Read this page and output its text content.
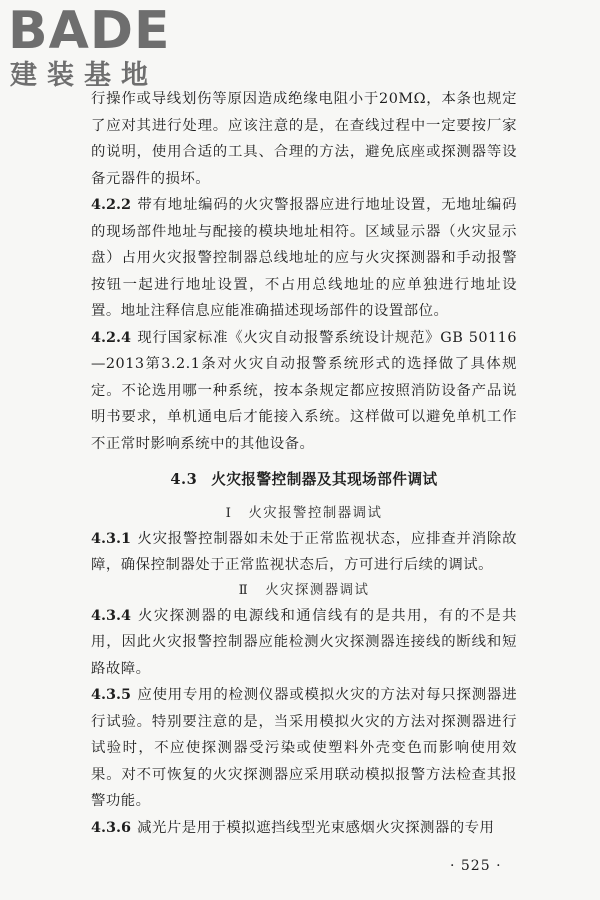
BADE
建装基地

行操作或导线划伤等原因造成绝缘电阻小于20MΩ，本条也规定了应对其进行处理。应该注意的是，在查线过程中一定要按厂家的说明，使用合适的工具、合理的方法，避免底座或探测器等设备元器件的损坏。

4.2.2 带有地址编码的火灾警报器应进行地址设置，无地址编码的现场部件地址与配接的模块地址相符。区域显示器（火灾显示盘）占用火灾报警控制器总线地址的应与火灾探测器和手动报警按钮一起进行地址设置，不占用总线地址的应单独进行地址设置。地址注释信息应能准确描述现场部件的设置部位。

4.2.4 现行国家标准《火灾自动报警系统设计规范》GB 50116—2013第3.2.1条对火灾自动报警系统形式的选择做了具体规定。不论选用哪一种系统，按本条规定都应按照消防设备产品说明书要求，单机通电后才能接入系统。这样做可以避免单机工作不正常时影响系统中的其他设备。

4.3 火灾报警控制器及其现场部件调试
Ⅰ 火灾报警控制器调试

4.3.1 火灾报警控制器如未处于正常监视状态，应排查并消除故障，确保控制器处于正常监视状态后，方可进行后续的调试。

Ⅱ 火灾探测器调试

4.3.4 火灾探测器的电源线和通信线有的是共用，有的不是共用，因此火灾报警控制器应能检测火灾探测器连接线的断线和短路故障。

4.3.5 应使用专用的检测仪器或模拟火灾的方法对每只探测器进行试验。特别要注意的是，当采用模拟火灾的方法对探测器进行试验时，不应使探测器受污染或使塑料外壳变色而影响使用效果。对不可恢复的火灾探测器应采用联动模拟报警方法检查其报警功能。

4.3.6 减光片是用于模拟遮挡线型光束感烟火灾探测器的专用

· 525 ·
